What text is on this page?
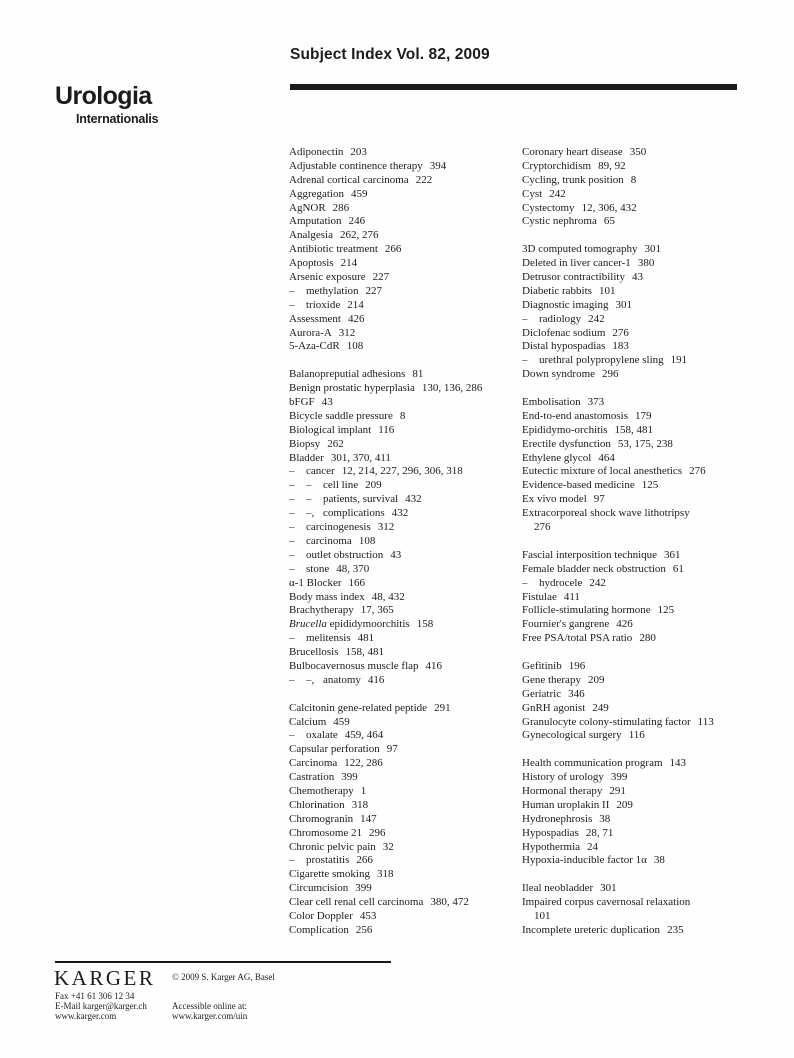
Subject Index Vol. 82, 2009
Urologia
Internationalis
Adiponectin 203
Adjustable continence therapy 394
Adrenal cortical carcinoma 222
Aggregation 459
AgNOR 286
Amputation 246
Analgesia 262, 276
Antibiotic treatment 266
Apoptosis 214
Arsenic exposure 227
– methylation 227
– trioxide 214
Assessment 426
Aurora-A 312
5-Aza-CdR 108
Balanopreputial adhesions 81
Benign prostatic hyperplasia 130, 136, 286
bFGF 43
Bicycle saddle pressure 8
Biological implant 116
Biopsy 262
Bladder 301, 370, 411
– cancer 12, 214, 227, 296, 306, 318
– – cell line 209
– – patients, survival 432
– –, complications 432
– carcinogenesis 312
– carcinoma 108
– outlet obstruction 43
– stone 48, 370
α-1 Blocker 166
Body mass index 48, 432
Brachytherapy 17, 365
Brucella epididymoorchitis 158
– melitensis 481
Brucellosis 158, 481
Bulbocavernosus muscle flap 416
– –, anatomy 416
Calcitonin gene-related peptide 291
Calcium 459
– oxalate 459, 464
Capsular perforation 97
Carcinoma 122, 286
Castration 399
Chemotherapy 1
Chlorination 318
Chromogranin 147
Chromosome 21 296
Chronic pelvic pain 32
– prostatitis 266
Cigarette smoking 318
Circumcision 399
Clear cell renal cell carcinoma 380, 472
Color Doppler 453
Complication 256
Coronary heart disease 350
Cryptorchidism 89, 92
Cycling, trunk position 8
Cyst 242
Cystectomy 12, 306, 432
Cystic nephroma 65
3D computed tomography 301
Deleted in liver cancer-1 380
Detrusor contractibility 43
Diabetic rabbits 101
Diagnostic imaging 301
– radiology 242
Diclofenac sodium 276
Distal hypospadias 183
– urethral polypropylene sling 191
Down syndrome 296
Embolisation 373
End-to-end anastomosis 179
Epididymo-orchitis 158, 481
Erectile dysfunction 53, 175, 238
Ethylene glycol 464
Eutectic mixture of local anesthetics 276
Evidence-based medicine 125
Ex vivo model 97
Extracorporeal shock wave lithotripsy
276
Fascial interposition technique 361
Female bladder neck obstruction 61
– hydrocele 242
Fistulae 411
Follicle-stimulating hormone 125
Fournier's gangrene 426
Free PSA/total PSA ratio 280
Gefitinib 196
Gene therapy 209
Geriatric 346
GnRH agonist 249
Granulocyte colony-stimulating factor 113
Gynecological surgery 116
Health communication program 143
History of urology 399
Hormonal therapy 291
Human uroplakin II 209
Hydronephrosis 38
Hypospadias 28, 71
Hypothermia 24
Hypoxia-inducible factor 1α 38
Ileal neobladder 301
Impaired corpus cavernosal relaxation
101
Incomplete ureteric duplication 235
KARGER © 2009 S. Karger AG, Basel
Fax +41 61 306 12 34
E-Mail karger@karger.ch
www.karger.com
Accessible online at:
www.karger.com/uin
